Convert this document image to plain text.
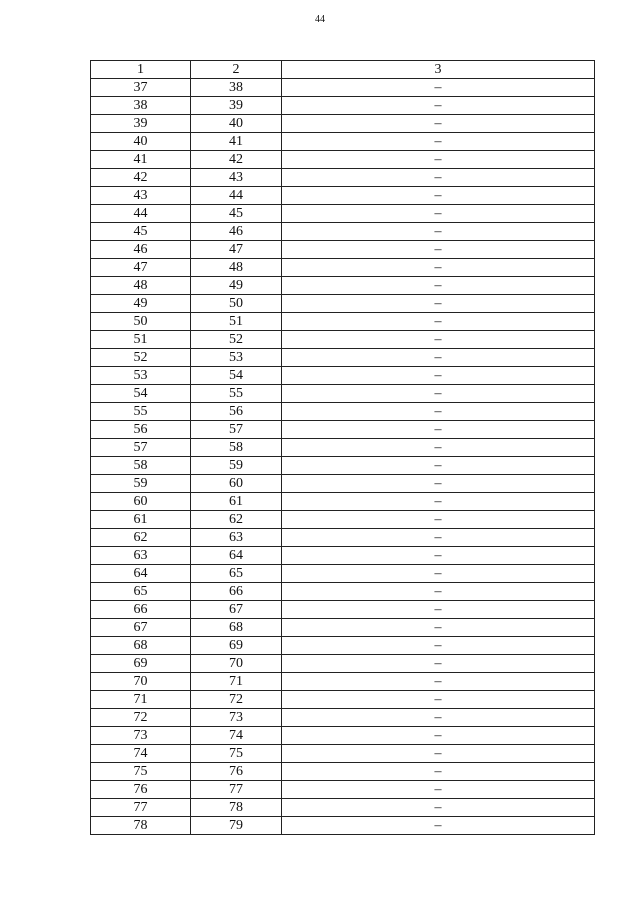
44
1	2	3
37	38	–
38	39	–
39	40	–
40	41	–
41	42	–
42	43	–
43	44	–
44	45	–
45	46	–
46	47	–
47	48	–
48	49	–
49	50	–
50	51	–
51	52	–
52	53	–
53	54	–
54	55	–
55	56	–
56	57	–
57	58	–
58	59	–
59	60	–
60	61	–
61	62	–
62	63	–
63	64	–
64	65	–
65	66	–
66	67	–
67	68	–
68	69	–
69	70	–
70	71	–
71	72	–
72	73	–
73	74	–
74	75	–
75	76	–
76	77	–
77	78	–
78	79	–
